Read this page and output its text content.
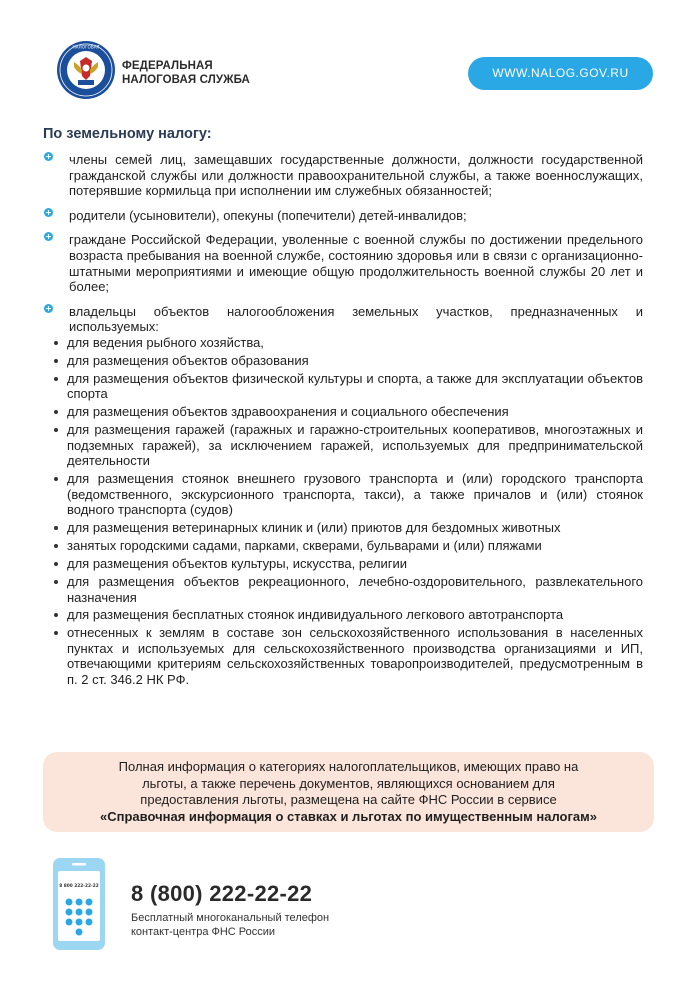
НАЛОГОВАЯ
ФЕДЕРАЛЬНАЯ
НАЛОГОВАЯ СЛУЖБА	WWW.NALOG.GOV.RU
По земельному налогу:
члены семей лиц, замещавших государственные должности, должности государственной гражданской службы или должности правоохранительной службы, а также военнослужащих, потерявшие кормильца при исполнении им служебных обязанностей;
родители (усыновители), опекуны (попечители) детей-инвалидов;
граждане Российской Федерации, уволенные с военной службы по достижении предельного возраста пребывания на военной службе, состоянию здоровья или в связи с организационно-штатными мероприятиями и имеющие общую продолжительность военной службы 20 лет и более;
владельцы объектов налогообложения земельных участков, предназначенных и используемых:
для ведения рыбного хозяйства,
для размещения объектов образования
для размещения объектов физической культуры и спорта, а также для эксплуатации объектов спорта
для размещения объектов здравоохранения и социального обеспечения
для размещения гаражей (гаражных и гаражно-строительных кооперативов, многоэтажных и подземных гаражей), за исключением гаражей, используемых для предпринимательской деятельности
для размещения стоянок внешнего грузового транспорта и (или) городского транспорта (ведомственного, экскурсионного транспорта, такси), а также причалов и (или) стоянок водного транспорта (судов)
для размещения ветеринарных клиник и (или) приютов для бездомных животных
занятых городскими садами, парками, скверами, бульварами и (или) пляжами
для размещения объектов культуры, искусства, религии
для размещения объектов рекреационного, лечебно-оздоровительного, развлекательного назначения
для размещения бесплатных стоянок индивидуального легкового автотранспорта
отнесенных к землям в составе зон сельскохозяйственного использования в населенных пунктах и используемых для сельскохозяйственного производства организациями и ИП, отвечающими критериям сельскохозяйственных товаропроизводителей, предусмотренным в п. 2 ст. 346.2 НК РФ.
Полная информация о категориях налогоплательщиков, имеющих право на
льготы, а также перечень документов, являющихся основанием для
предоставления льготы, размещена на сайте ФНС России в сервисе
«Справочная информация о ставках и льготах по имущественным налогам»
8 800 222-22-22 8 (800) 222-22-22
Бесплатный многоканальный телефон
контакт-центра ФНС России
